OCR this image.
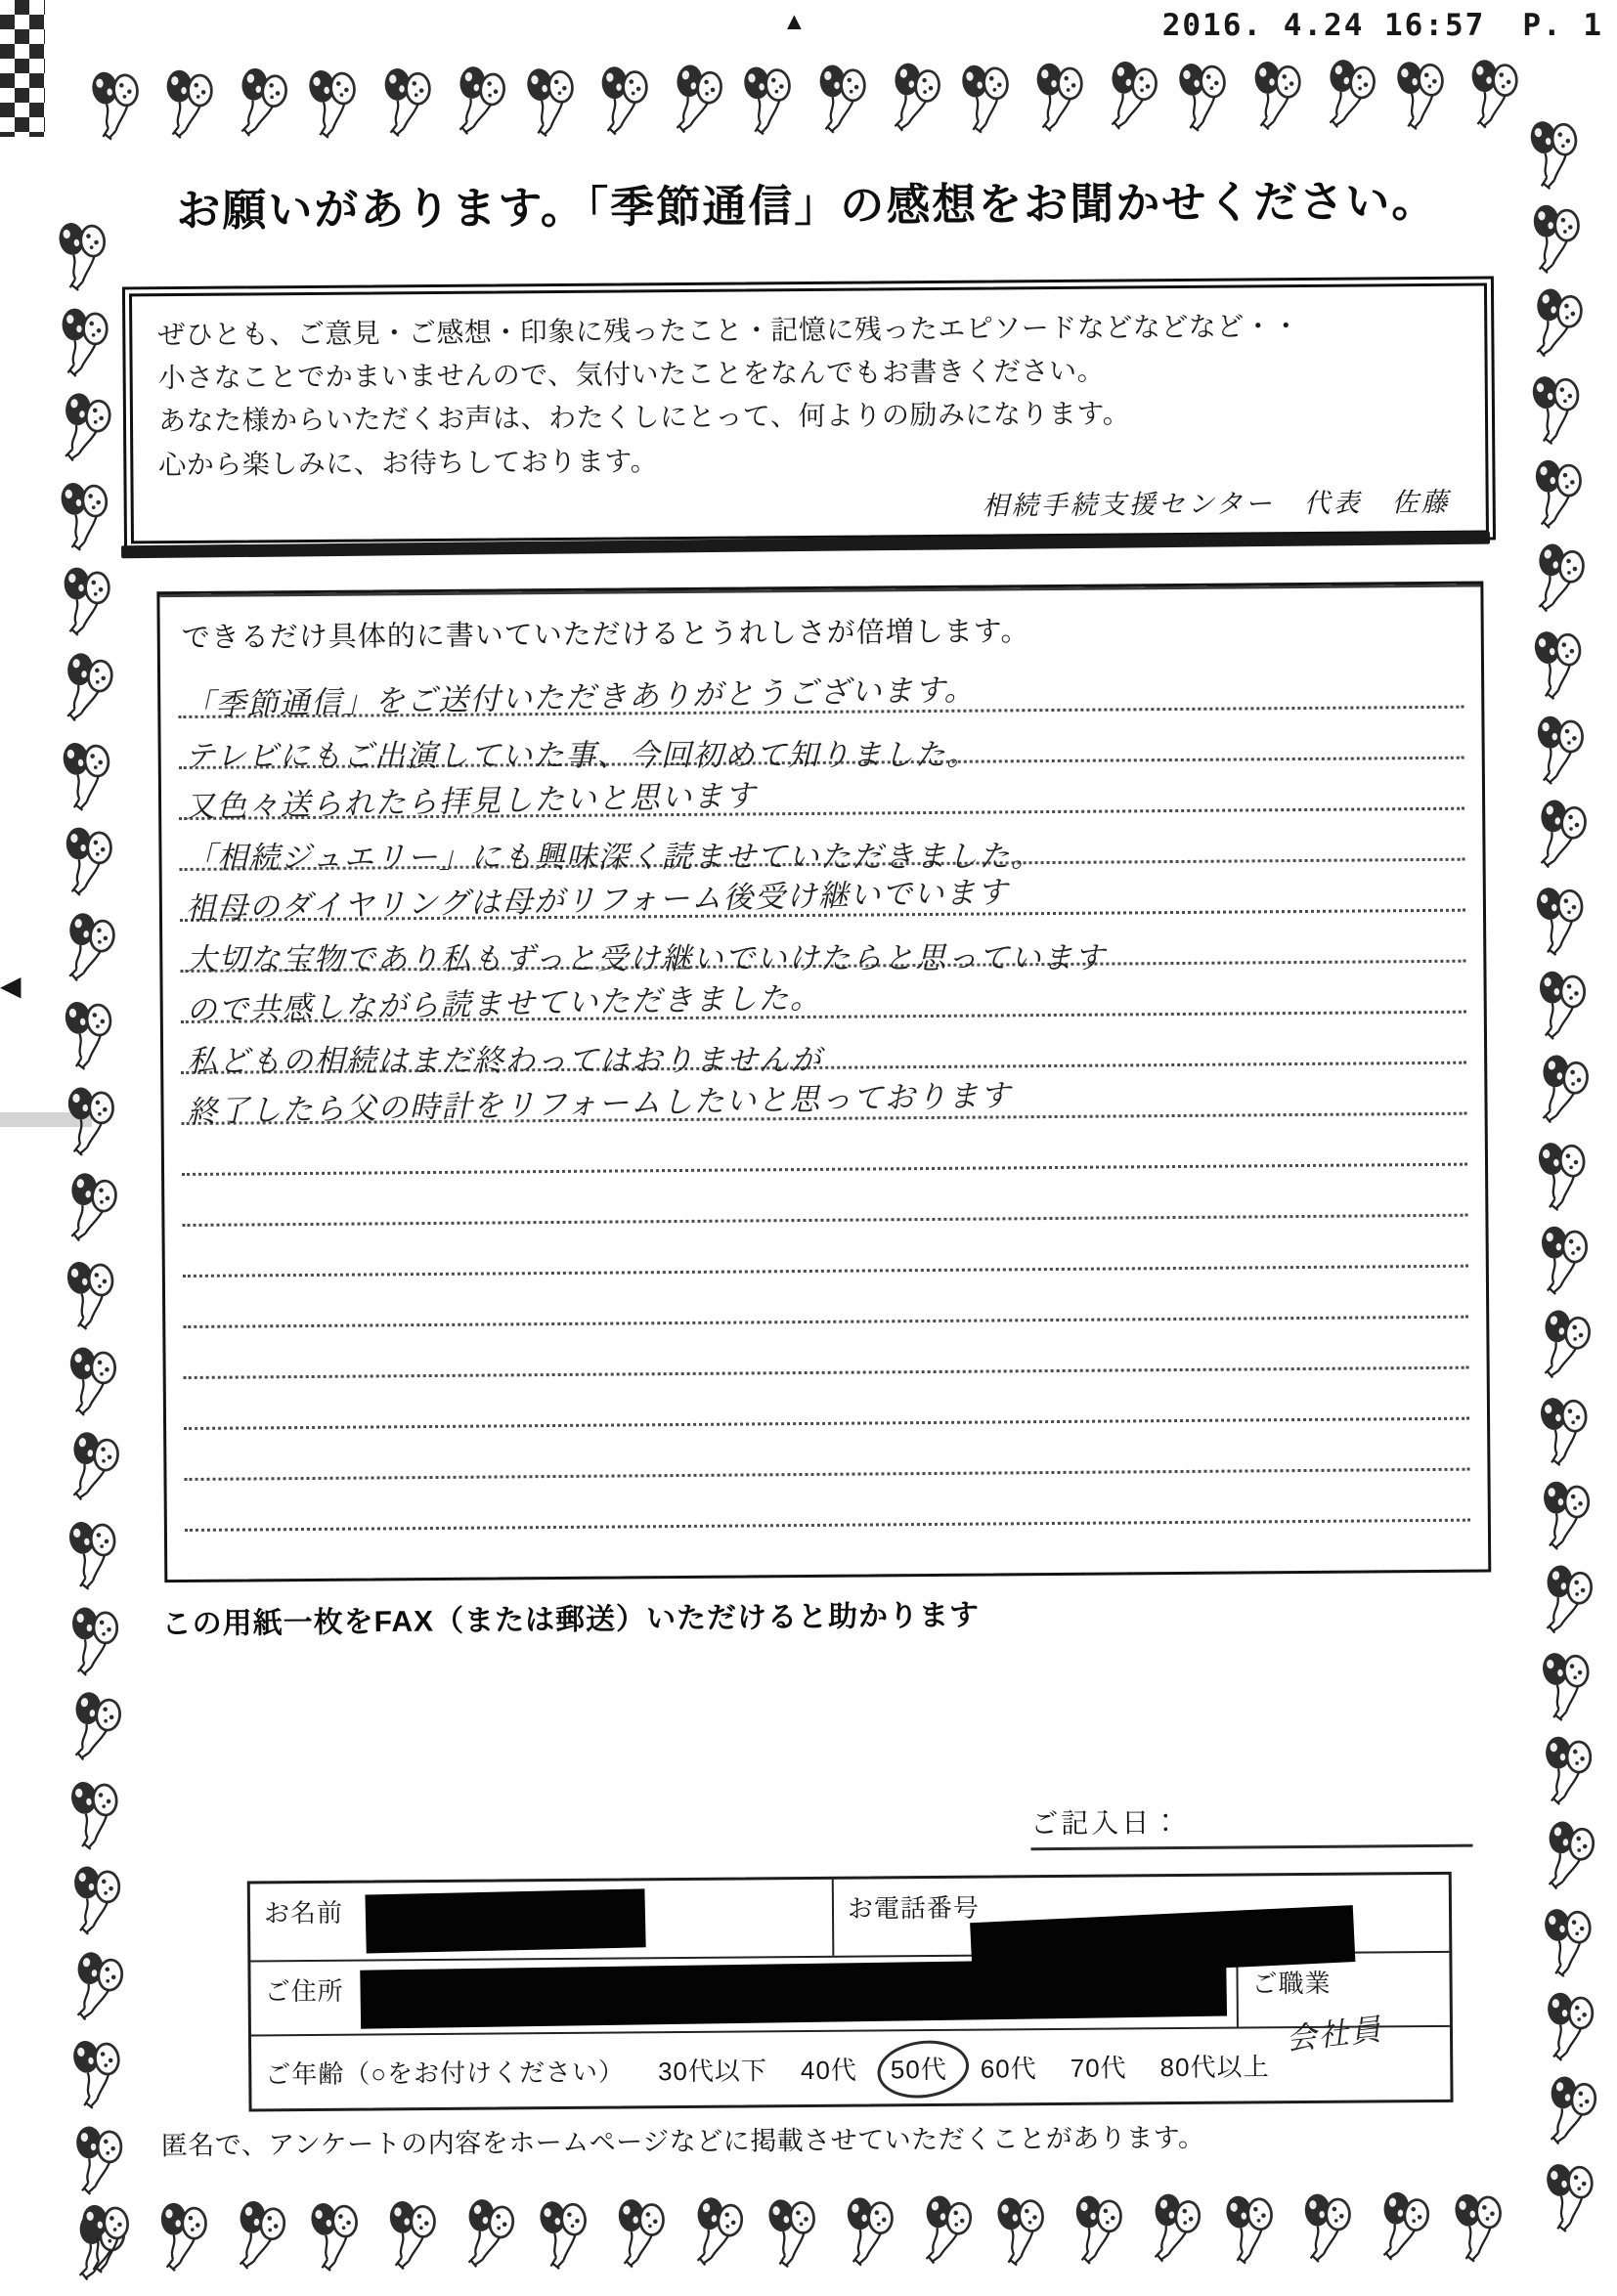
2016. 4.24 16:57 P. 1
▲
◀
お願いがあります。「季節通信」の感想をお聞かせください。
ぜひとも、ご意見・ご感想・印象に残ったこと・記憶に残ったエピソードなどなどなど・・
小さなことでかまいませんので、気付いたことをなんでもお書きください。
あなた様からいただくお声は、わたくしにとって、何よりの励みになります。
心から楽しみに、お待ちしております。
相続手続支援センター　代表　佐藤
できるだけ具体的に書いていただけるとうれしさが倍増します。
「季節通信」をご送付いただきありがとうございます。
テレビにもご出演していた事、今回初めて知りました。
又色々送られたら拝見したいと思います
「相続ジュエリー」にも興味深く読ませていただきました。
祖母のダイヤリングは母がリフォーム後受け継いでいます
大切な宝物であり私もずっと受け継いでいけたらと思っています
ので共感しながら読ませていただきました。
私どもの相続はまだ終わってはおりませんが
終了したら父の時計をリフォームしたいと思っております
この用紙一枚をFAX（または郵送）いただけると助かります
ご記入日：
お名前	お電話番号
ご住所	ご職業 会社員
ご年齢（○をお付けください） 30代以下 40代 50代 60代 70代 80代以上
匿名で、アンケートの内容をホームページなどに掲載させていただくことがあります。
